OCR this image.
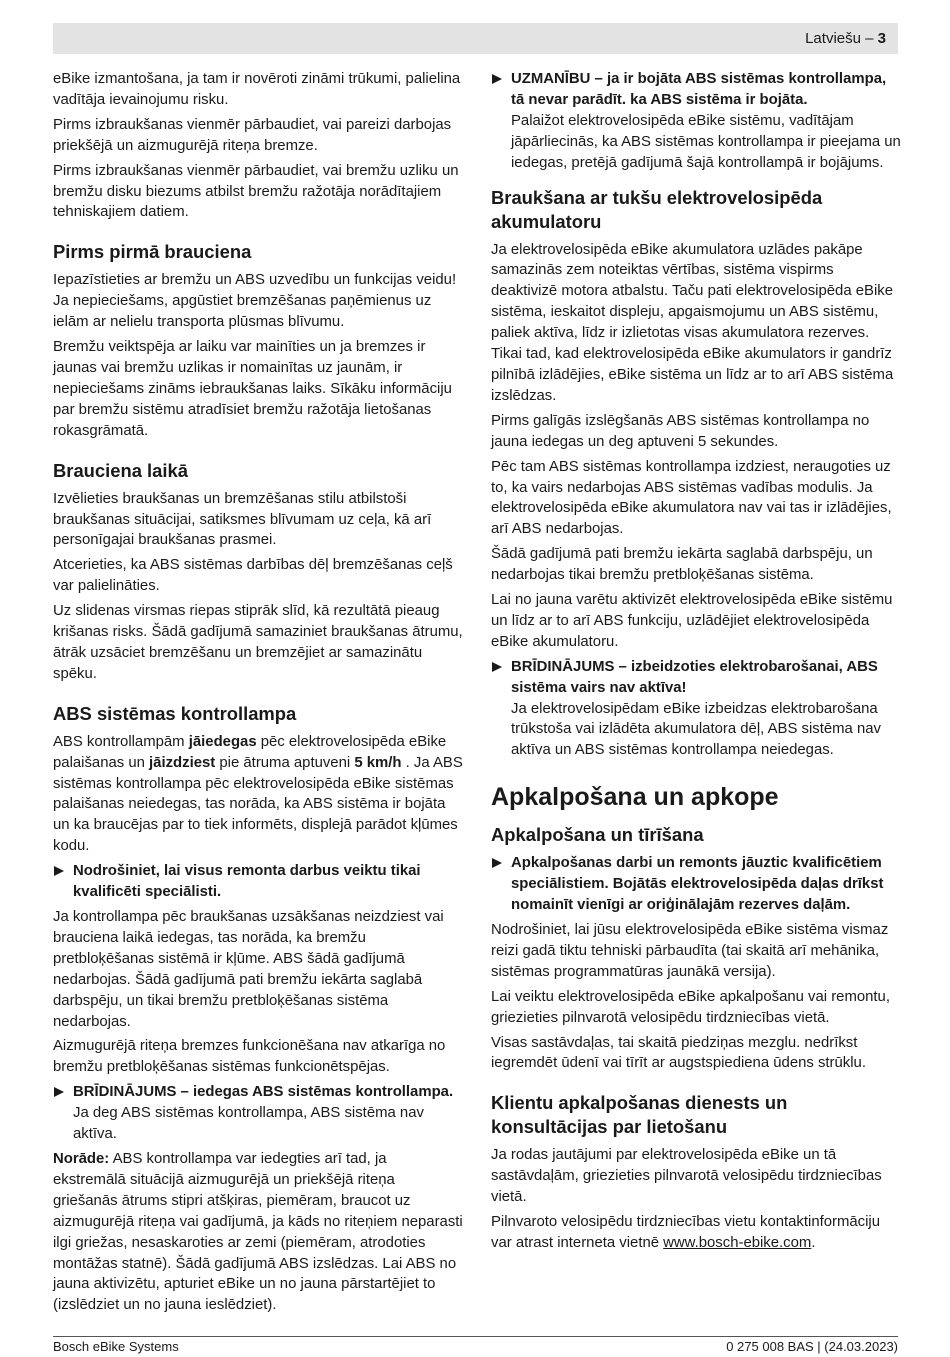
Latviešu – 3

eBike izmantošana, ja tam ir novēroti zināmi trūkumi, palielina vadītāja ievainojumu risku.

Pirms izbraukšanas vienmēr pārbaudiet, vai pareizi darbojas priekšējā un aizmugurējā riteņa bremze.

Pirms izbraukšanas vienmēr pārbaudiet, vai bremžu uzliku un bremžu disku biezums atbilst bremžu ražotāja norādītajiem tehniskajiem datiem.

Pirms pirmā brauciena

Iepazīstieties ar bremžu un ABS uzvedību un funkcijas veidu! Ja nepieciešams, apgūstiet bremzēšanas paņēmienus uz ielām ar nelielu transporta plūsmas blīvumu.

Bremžu veiktspēja ar laiku var mainīties un ja bremzes ir jaunas vai bremžu uzlikas ir nomainītas uz jaunām, ir nepieciešams zināms iebraukšanas laiks. Sīkāku informāciju par bremžu sistēmu atradīsiet bremžu ražotāja lietošanas rokasgrāmatā.

Brauciena laikā

Izvēlieties braukšanas un bremzēšanas stilu atbilstoši braukšanas situācijai, satiksmes blīvumam uz ceļa, kā arī personīgajai braukšanas prasmei.

Atcerieties, ka ABS sistēmas darbības dēļ bremzēšanas ceļš var palielināties.

Uz slidenas virsmas riepas stiprāk slīd, kā rezultātā pieaug krišanas risks. Šādā gadījumā samaziniet braukšanas ātrumu, ātrāk uzsāciet bremzēšanu un bremzējiet ar samazinātu spēku.

ABS sistēmas kontrollampa

ABS kontrollampām jāiedegas pēc elektrovelosipēda eBike palaišanas un jāizdziest pie ātruma aptuveni 5 km/h . Ja ABS sistēmas kontrollampa pēc elektrovelosipēda eBike sistēmas palaišanas neiedegas, tas norāda, ka ABS sistēma ir bojāta un ka braucējas par to tiek informēts, displejā parādot kļūmes kodu.

Nodrošiniet, lai visus remonta darbus veiktu tikai kvalificēti speciālisti.

Ja kontrollampa pēc braukšanas uzsākšanas neizdziest vai brauciena laikā iedegas, tas norāda, ka bremžu pretbloķēšanas sistēmā ir kļūme. ABS šādā gadījumā nedarbojas. Šādā gadījumā pati bremžu iekārta saglabā darbspēju, un tikai bremžu pretbloķēšanas sistēma nedarbojas.

Aizmugurējā riteņa bremzes funkcionēšana nav atkarīga no bremžu pretbloķēšanas sistēmas funkcionētspējas.

BRĪDINĀJUMS – iedegas ABS sistēmas kontrollampa.
Ja deg ABS sistēmas kontrollampa, ABS sistēma nav aktīva.

Norāde: ABS kontrollampa var iedegties arī tad, ja ekstremālā situācijā aizmugurējā un priekšējā riteņa griešanās ātrums stipri atšķiras, piemēram, braucot uz aizmugurējā riteņa vai gadījumā, ja kāds no riteņiem neparasti ilgi griežas, nesaskaroties ar zemi (piemēram, atrodoties montāžas statnē). Šādā gadījumā ABS izslēdzas. Lai ABS no jauna aktivizētu, apturiet eBike un no jauna pārstartējiet to (izslēdziet un no jauna ieslēdziet).

UZMANĪBU – ja ir bojāta ABS sistēmas kontrollampa, tā nevar parādīt. ka ABS sistēma ir bojāta.
Palaižot elektrovelosipēda eBike sistēmu, vadītājam jāpārliecinās, ka ABS sistēmas kontrollampa ir pieejama un iedegas, pretējā gadījumā šajā kontrollampā ir bojājums.
Braukšana ar tukšu elektrovelosipēda akumulatoru

Ja elektrovelosipēda eBike akumulatora uzlādes pakāpe samazinās zem noteiktas vērtības, sistēma vispirms deaktivizē motora atbalstu. Taču pati elektrovelosipēda eBike sistēma, ieskaitot displeju, apgaismojumu un ABS sistēmu, paliek aktīva, līdz ir izlietotas visas akumulatora rezerves. Tikai tad, kad elektrovelosipēda eBike akumulators ir gandrīz pilnībā izlādējies, eBike sistēma un līdz ar to arī ABS sistēma izslēdzas.

Pirms galīgās izslēgšanās ABS sistēmas kontrollampa no jauna iedegas un deg aptuveni 5 sekundes.

Pēc tam ABS sistēmas kontrollampa izdziest, neraugoties uz to, ka vairs nedarbojas ABS sistēmas vadības modulis. Ja elektrovelosipēda eBike akumulatora nav vai tas ir izlādējies, arī ABS nedarbojas.

Šādā gadījumā pati bremžu iekārta saglabā darbspēju, un nedarbojas tikai bremžu pretbloķēšanas sistēma.

Lai no jauna varētu aktivizēt elektrovelosipēda eBike sistēmu un līdz ar to arī ABS funkciju, uzlādējiet elektrovelosipēda eBike akumulatoru.

BRĪDINĀJUMS – izbeidzoties elektrobarošanai, ABS sistēma vairs nav aktīva!
Ja elektrovelosipēdam eBike izbeidzas elektrobarošana trūkstoša vai izlādēta akumulatora dēļ, ABS sistēma nav aktīva un ABS sistēmas kontrollampa neiedegas.
Apkalpošana un apkope
Apkalpošana un tīrīšana
Apkalpošanas darbi un remonts jāuztic kvalificētiem speciālistiem. Bojātās elektrovelosipēda daļas drīkst nomainīt vienīgi ar oriģinālajām rezerves daļām.

Nodrošiniet, lai jūsu elektrovelosipēda eBike sistēma vismaz reizi gadā tiktu tehniski pārbaudīta (tai skaitā arī mehānika, sistēmas programmatūras jaunākā versija).

Lai veiktu elektrovelosipēda eBike apkalpošanu vai remontu, griezieties pilnvarotā velosipēdu tirdzniecības vietā.

Visas sastāvdaļas, tai skaitā piedziņas mezglu. nedrīkst iegremdēt ūdenī vai tīrīt ar augstspiediena ūdens strūklu.

Klientu apkalpošanas dienests un konsultācijas par lietošanu

Ja rodas jautājumi par elektrovelosipēda eBike un tā sastāvdaļām, griezieties pilnvarotā velosipēdu tirdzniecības vietā.

Pilnvaroto velosipēdu tirdzniecības vietu kontaktinformāciju var atrast interneta vietnē www.bosch-ebike.com.

Bosch eBike Systems	0 275 008 BAS | (24.03.2023)
